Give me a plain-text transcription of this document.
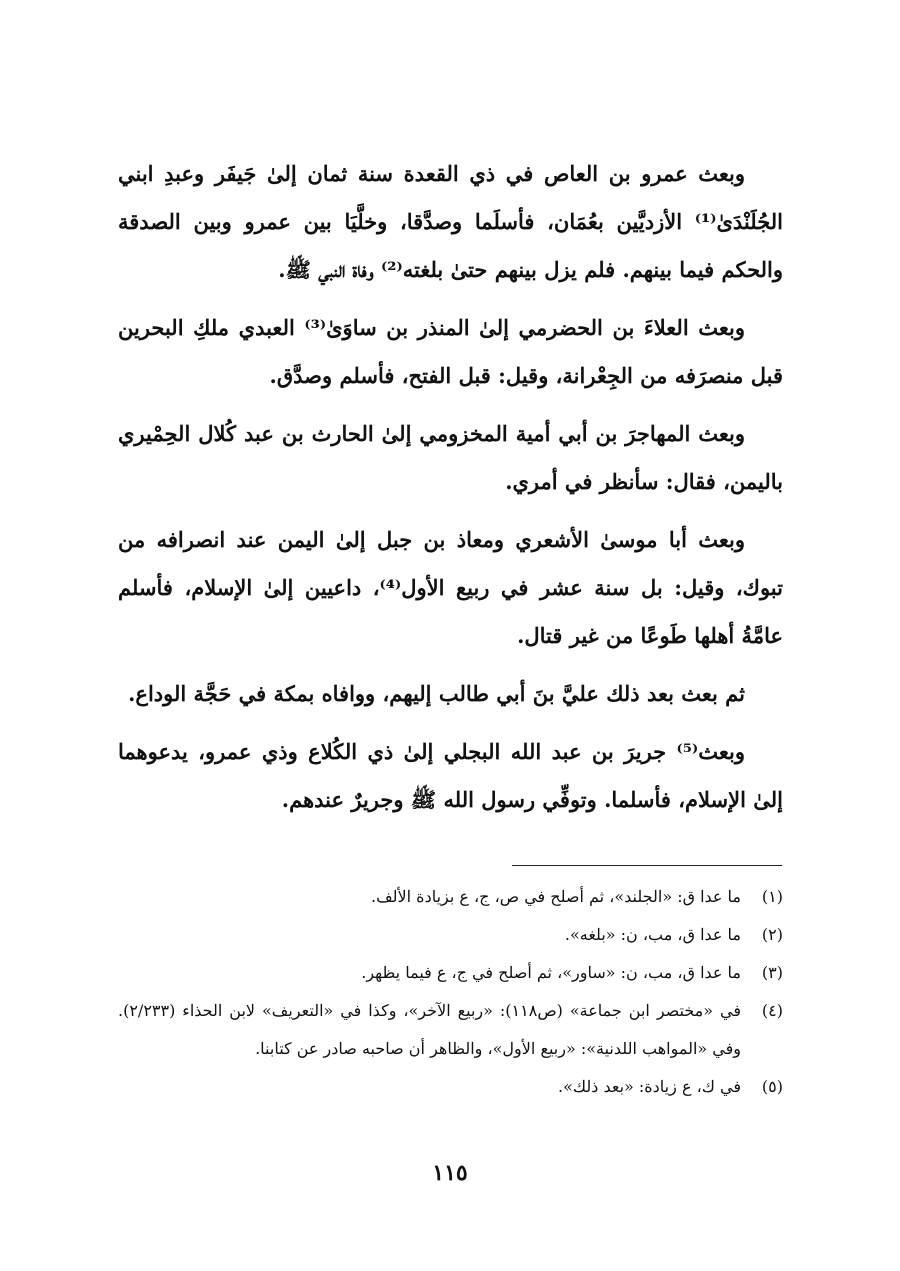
وبعث عمرو بن العاص في ذي القعدة سنة ثمان إلىٰ جَيفَر وعبدِ ابني الجُلَنْدَىٰ⁽¹⁾ الأزديَّين بعُمَان، فأسلَما وصدَّقا، وخلَّيَا بين عمرو وبين الصدقة والحكم فيما بينهم. فلم يزل بينهم حتىٰ بلغته⁽²⁾ وفاة النبي ﷺ.

وبعث العلاءَ بن الحضرمي إلىٰ المنذر بن ساوَىٰ⁽³⁾ العبدي ملكِ البحرين قبل منصرَفه من الجِعْرانة، وقيل: قبل الفتح، فأسلم وصدَّق.

وبعث المهاجرَ بن أبي أمية المخزومي إلىٰ الحارث بن عبد كُلال الحِمْيري باليمن، فقال: سأنظر في أمري.

وبعث أبا موسىٰ الأشعري ومعاذ بن جبل إلىٰ اليمن عند انصرافه من تبوك، وقيل: بل سنة عشر في ربيع الأول⁽⁴⁾، داعيين إلىٰ الإسلام، فأسلم عامَّةُ أهلها طَوعًا من غير قتال.

ثم بعث بعد ذلك عليَّ بنَ أبي طالب إليهم، ووافاه بمكة في حَجَّة الوداع.

وبعث⁽⁵⁾ جريرَ بن عبد الله البجلي إلىٰ ذي الكُلاع وذي عمرو، يدعوهما إلىٰ الإسلام، فأسلما. وتوفِّي رسول الله ﷺ وجريرٌ عندهم.

(١)
ما عدا ق: «الجلند»، ثم أصلح في ص، ج، ع بزيادة الألف.
(٢)
ما عدا ق، مب، ن: «بلغه».
(٣)
ما عدا ق، مب، ن: «ساور»، ثم أصلح في ج، ع فيما يظهر.
(٤)
في «مختصر ابن جماعة» (ص١١٨): «ربيع الآخر»، وكذا في «التعريف» لابن الحذاء (٢/٢٣٣). وفي «المواهب اللدنية»: «ربيع الأول»، والظاهر أن صاحبه صادر عن كتابنا.
(٥)
في ك، ع زيادة: «بعد ذلك».
١١٥
